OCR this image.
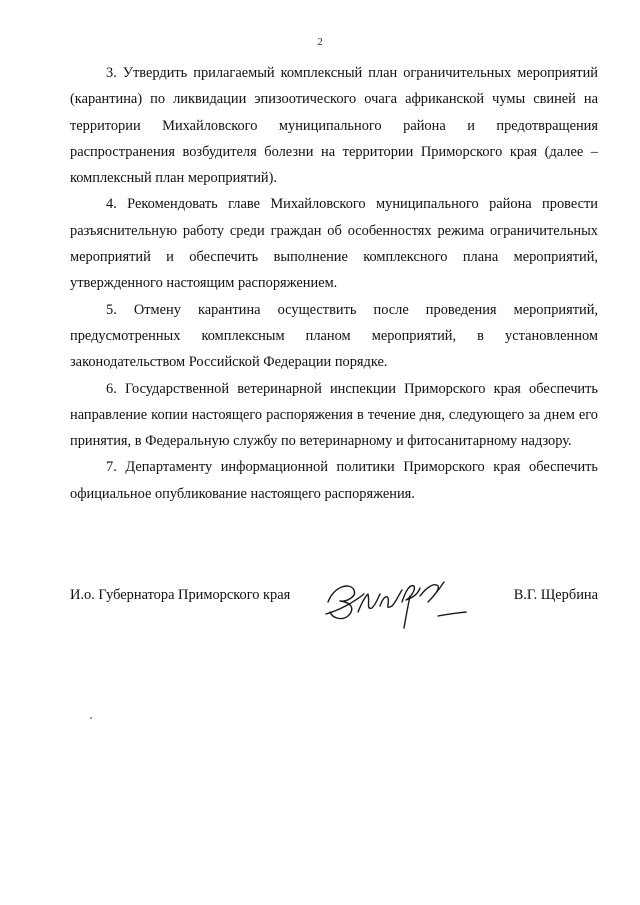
2

3. Утвердить прилагаемый комплексный план ограничительных мероприятий (карантина) по ликвидации эпизоотического очага африканской чумы свиней на территории Михайловского муниципального района и предотвращения распространения возбудителя болезни на территории Приморского края (далее – комплексный план мероприятий).

4. Рекомендовать главе Михайловского муниципального района провести разъяснительную работу среди граждан об особенностях режима ограничительных мероприятий и обеспечить выполнение комплексного плана мероприятий, утвержденного настоящим распоряжением.

5. Отмену карантина осуществить после проведения мероприятий, предусмотренных комплексным планом мероприятий, в установленном законодательством Российской Федерации порядке.

6. Государственной ветеринарной инспекции Приморского края обеспечить направление копии настоящего распоряжения в течение дня, следующего за днем его принятия, в Федеральную службу по ветеринарному и фитосанитарному надзору.

7. Департаменту информационной политики Приморского края обеспечить официальное опубликование настоящего распоряжения.

И.о. Губернатора Приморского края	В.Г. Щербина
